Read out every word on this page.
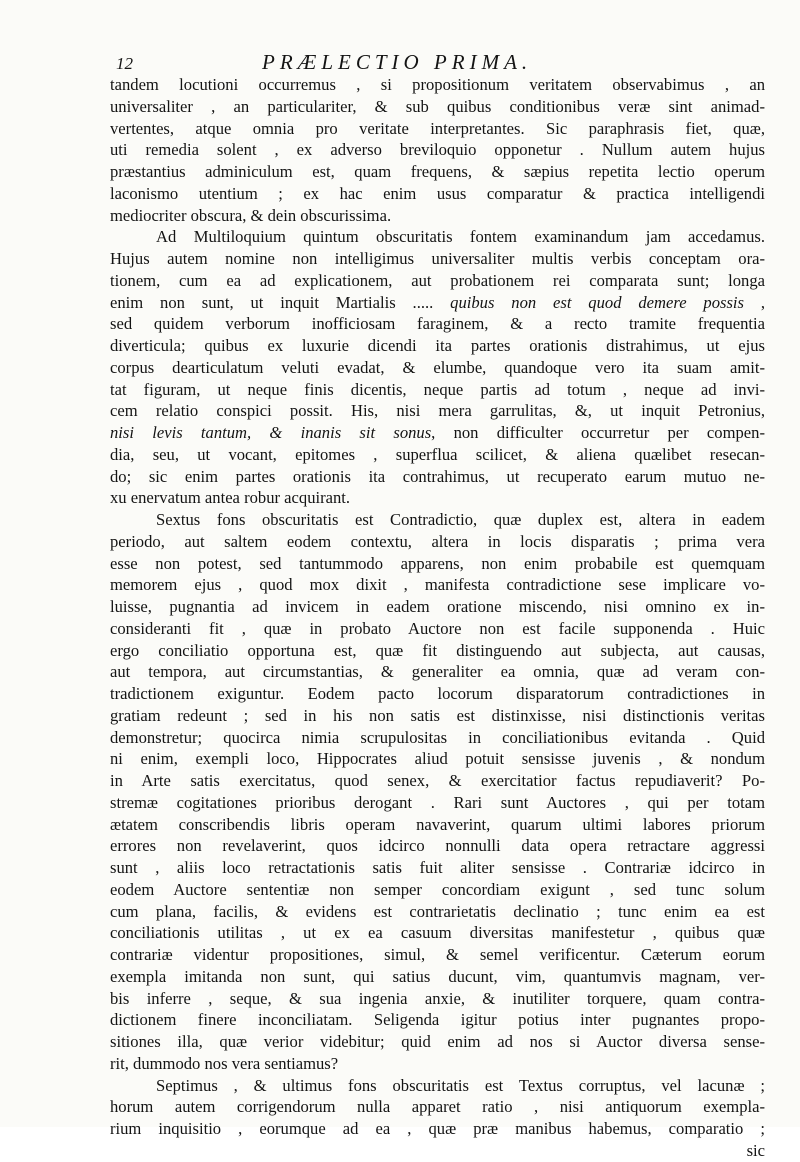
12	PRÆLECTIO PRIMA.
tandem locutioni occurremus , si propositionum veritatem observabimus , an
universaliter , an particulariter, & sub quibus conditionibus veræ sint animad-
vertentes, atque omnia pro veritate interpretantes. Sic paraphrasis fiet, quæ,
uti remedia solent , ex adverso breviloquio opponetur . Nullum autem hujus
præstantius adminiculum est, quam frequens, & sæpius repetita lectio operum
laconismo utentium ; ex hac enim usus comparatur & practica intelligendi
mediocriter obscura, & dein obscurissima.
Ad Multiloquium quintum obscuritatis fontem examinandum jam accedamus.
Hujus autem nomine non intelligimus universaliter multis verbis conceptam ora-
tionem, cum ea ad explicationem, aut probationem rei comparata sunt; longa
enim non sunt, ut inquit Martialis ..... quibus non est quod demere possis ,
sed quidem verborum inofficiosam faraginem, & a recto tramite frequentia
diverticula; quibus ex luxurie dicendi ita partes orationis distrahimus, ut ejus
corpus dearticulatum veluti evadat, & elumbe, quandoque vero ita suam amit-
tat figuram, ut neque finis dicentis, neque partis ad totum , neque ad invi-
cem relatio conspici possit. His, nisi mera garrulitas, &, ut inquit Petronius,
nisi levis tantum, & inanis sit sonus, non difficulter occurretur per compen-
dia, seu, ut vocant, epitomes , superflua scilicet, & aliena quælibet resecan-
do; sic enim partes orationis ita contrahimus, ut recuperato earum mutuo ne-
xu enervatum antea robur acquirant.
Sextus fons obscuritatis est Contradictio, quæ duplex est, altera in eadem
periodo, aut saltem eodem contextu, altera in locis disparatis ; prima vera
esse non potest, sed tantummodo apparens, non enim probabile est quemquam
memorem ejus , quod mox dixit , manifesta contradictione sese implicare vo-
luisse, pugnantia ad invicem in eadem oratione miscendo, nisi omnino ex in-
consideranti fit , quæ in probato Auctore non est facile supponenda . Huic
ergo conciliatio opportuna est, quæ fit distinguendo aut subjecta, aut causas,
aut tempora, aut circumstantias, & generaliter ea omnia, quæ ad veram con-
tradictionem exiguntur. Eodem pacto locorum disparatorum contradictiones in
gratiam redeunt ; sed in his non satis est distinxisse, nisi distinctionis veritas
demonstretur; quocirca nimia scrupulositas in conciliationibus evitanda . Quid
ni enim, exempli loco, Hippocrates aliud potuit sensisse juvenis , & nondum
in Arte satis exercitatus, quod senex, & exercitatior factus repudiaverit? Po-
stremæ cogitationes prioribus derogant . Rari sunt Auctores , qui per totam
ætatem conscribendis libris operam navaverint, quarum ultimi labores priorum
errores non revelaverint, quos idcirco nonnulli data opera retractare aggressi
sunt , aliis loco retractationis satis fuit aliter sensisse . Contrariæ idcirco in
eodem Auctore sententiæ non semper concordiam exigunt , sed tunc solum
cum plana, facilis, & evidens est contrarietatis declinatio ; tunc enim ea est
conciliationis utilitas , ut ex ea casuum diversitas manifestetur , quibus quæ
contrariæ videntur propositiones, simul, & semel verificentur. Cæterum eorum
exempla imitanda non sunt, qui satius ducunt, vim, quantumvis magnam, ver-
bis inferre , seque, & sua ingenia anxie, & inutiliter torquere, quam contra-
dictionem finere inconciliatam. Seligenda igitur potius inter pugnantes propo-
sitiones illa, quæ verior videbitur; quid enim ad nos si Auctor diversa sense-
rit, dummodo nos vera sentiamus?
Septimus , & ultimus fons obscuritatis est Textus corruptus, vel lacunæ ;
horum autem corrigendorum nulla apparet ratio , nisi antiquorum exempla-
rium inquisitio , eorumque ad ea , quæ præ manibus habemus, comparatio ;
sic
